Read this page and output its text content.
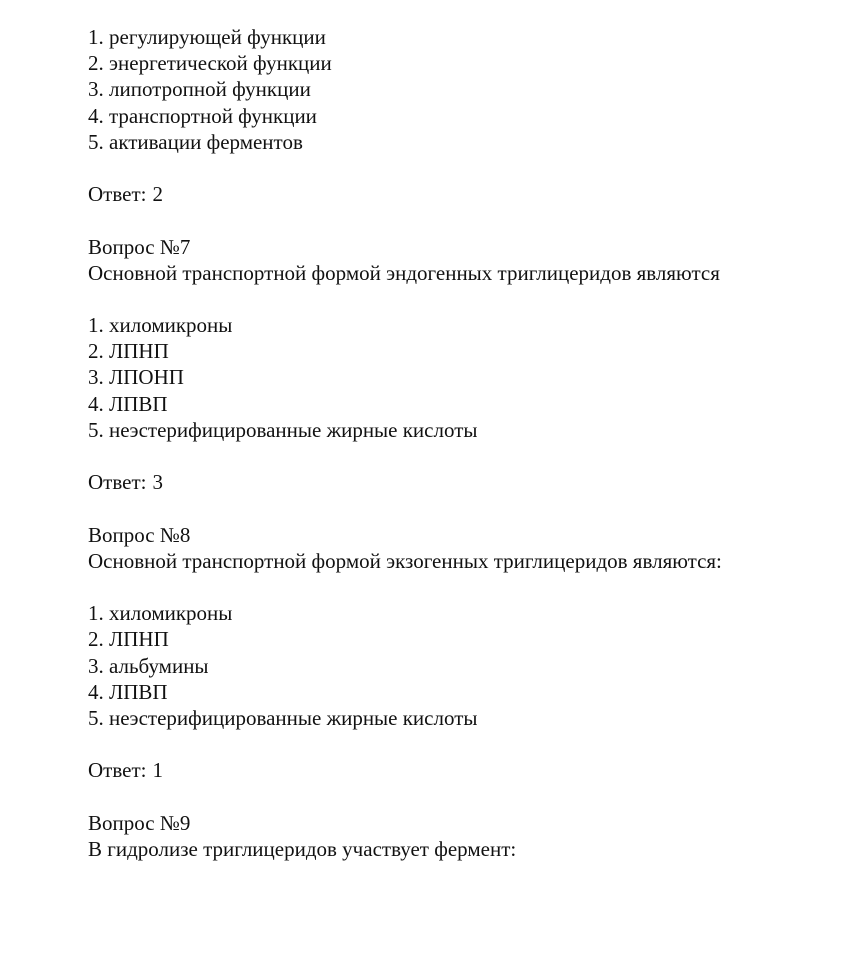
1. регулирующей функции
2. энергетической функции
3. липотропной функции
4. транспортной функции
5. активации ферментов
Ответ: 2
Вопрос №7
Основной транспортной формой эндогенных триглицеридов являются
1. хиломикроны
2. ЛПНП
3. ЛПОНП
4. ЛПВП
5. неэстерифицированные жирные кислоты
Ответ: 3
Вопрос №8
Основной транспортной формой экзогенных триглицеридов являются:
1. хиломикроны
2. ЛПНП
3. альбумины
4. ЛПВП
5. неэстерифицированные жирные кислоты
Ответ: 1
Вопрос №9
В гидролизе триглицеридов участвует фермент:
